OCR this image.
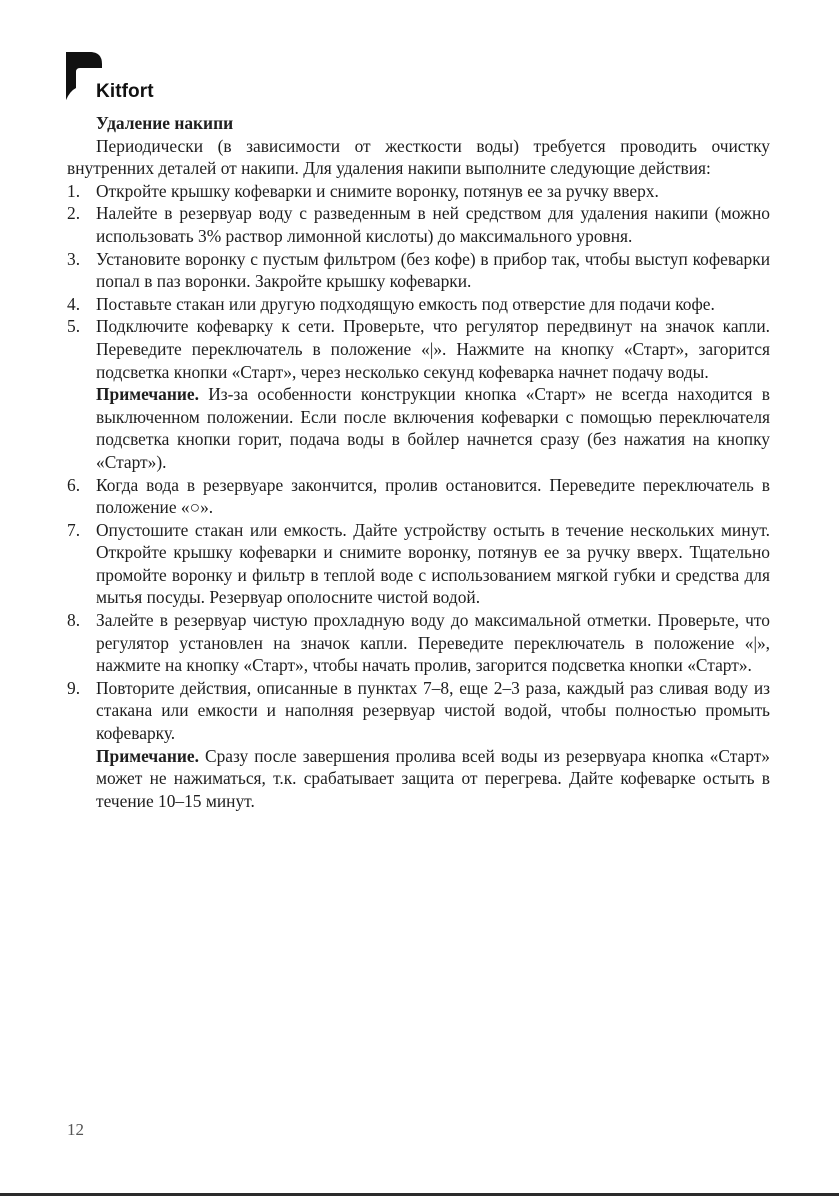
Kitfort

Удаление накипи

Периодически (в зависимости от жесткости воды) требуется проводить очистку внутренних деталей от накипи. Для удаления накипи выполните следующие действия:

1. Откройте крышку кофеварки и снимите воронку, потянув ее за ручку вверх.

2. Налейте в резервуар воду с разведенным в ней средством для удаления накипи (можно использовать 3% раствор лимонной кислоты) до максимального уровня.

3. Установите воронку с пустым фильтром (без кофе) в прибор так, чтобы выступ кофеварки попал в паз воронки. Закройте крышку кофеварки.

4. Поставьте стакан или другую подходящую емкость под отверстие для подачи кофе.

5. Подключите кофеварку к сети. Проверьте, что регулятор передвинут на значок капли. Переведите переключатель в положение «|». Нажмите на кнопку «Старт», загорится подсветка кнопки «Старт», через несколько секунд кофеварка начнет подачу воды.

Примечание. Из-за особенности конструкции кнопка «Старт» не всегда находится в выключенном положении. Если после включения кофеварки с помощью переключателя подсветка кнопки горит, подача воды в бойлер начнется сразу (без нажатия на кнопку «Старт»).

6. Когда вода в резервуаре закончится, пролив остановится. Переведите переключатель в положение «○».

7. Опустошите стакан или емкость. Дайте устройству остыть в течение нескольких минут. Откройте крышку кофеварки и снимите воронку, потянув ее за ручку вверх. Тщательно промойте воронку и фильтр в теплой воде с использованием мягкой губки и средства для мытья посуды. Резервуар ополосните чистой водой.

8. Залейте в резервуар чистую прохладную воду до максимальной отметки. Проверьте, что регулятор установлен на значок капли. Переведите переключатель в положение «|», нажмите на кнопку «Старт», чтобы начать пролив, загорится подсветка кнопки «Старт».

9. Повторите действия, описанные в пунктах 7–8, еще 2–3 раза, каждый раз сливая воду из стакана или емкости и наполняя резервуар чистой водой, чтобы полностью промыть кофеварку.

Примечание. Сразу после завершения пролива всей воды из резервуара кнопка «Старт» может не нажиматься, т.к. срабатывает защита от перегрева. Дайте кофеварке остыть в течение 10–15 минут.

12
